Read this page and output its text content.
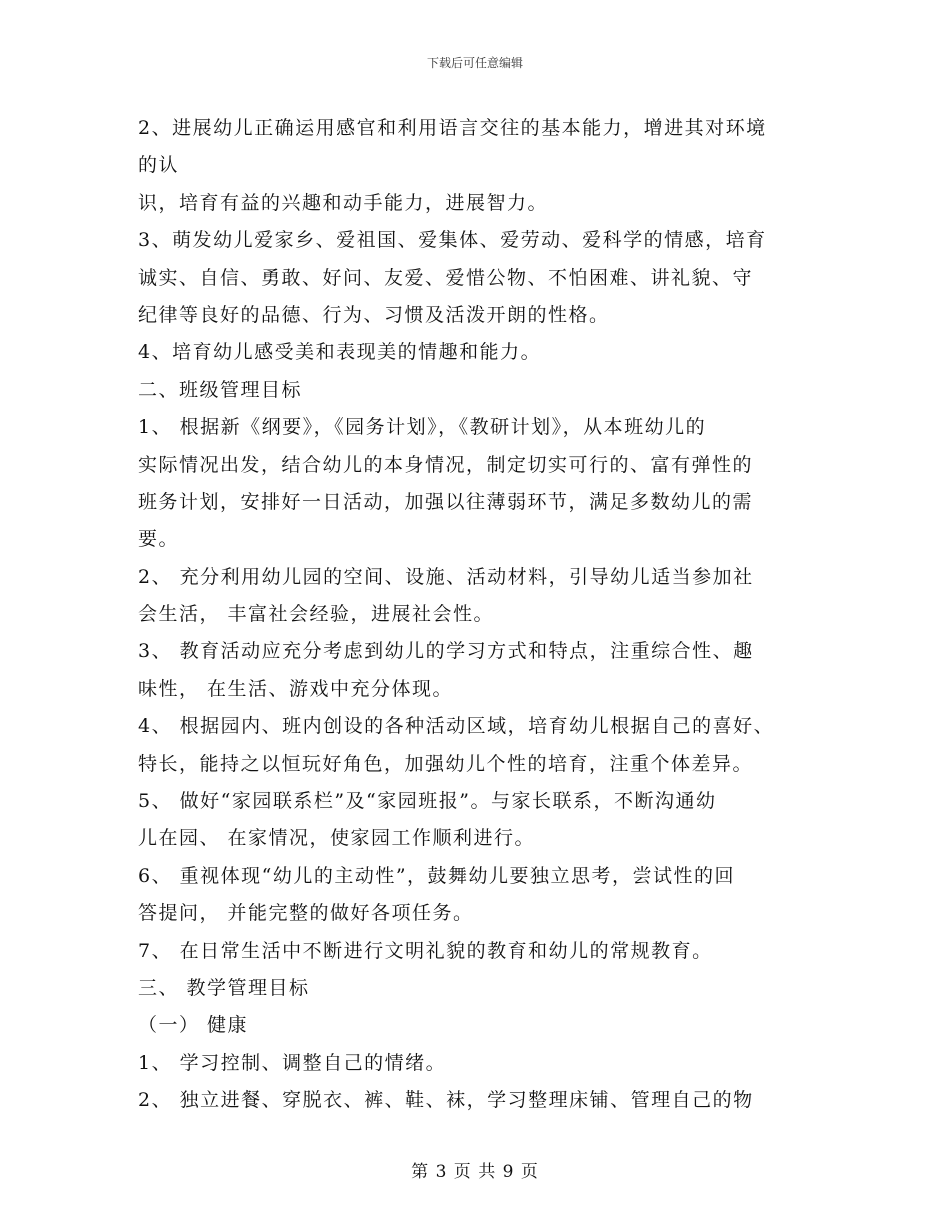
下载后可任意编辑
2、进展幼儿正确运用感官和利用语言交往的基本能力，增进其对环境
的认
识，培育有益的兴趣和动手能力，进展智力。
3、萌发幼儿爱家乡、爱祖国、爱集体、爱劳动、爱科学的情感，培育
诚实、自信、勇敢、好问、友爱、爱惜公物、不怕困难、讲礼貌、守
纪律等良好的品德、行为、习惯及活泼开朗的性格。
4、培育幼儿感受美和表现美的情趣和能力。
二、班级管理目标
1、 根据新《纲要》，《园务计划》，《教研计划》，从本班幼儿的
实际情况出发，结合幼儿的本身情况，制定切实可行的、富有弹性的
班务计划，安排好一日活动，加强以往薄弱环节，满足多数幼儿的需
要。
2、 充分利用幼儿园的空间、设施、活动材料，引导幼儿适当参加社
会生活， 丰富社会经验，进展社会性。
3、 教育活动应充分考虑到幼儿的学习方式和特点，注重综合性、趣
味性， 在生活、游戏中充分体现。
4、 根据园内、班内创设的各种活动区域，培育幼儿根据自己的喜好、
特长，能持之以恒玩好角色，加强幼儿个性的培育，注重个体差异。
5、 做好“家园联系栏”及“家园班报”。与家长联系，不断沟通幼
儿在园、 在家情况，使家园工作顺利进行。
6、 重视体现“幼儿的主动性”，鼓舞幼儿要独立思考，尝试性的回
答提问， 并能完整的做好各项任务。
7、 在日常生活中不断进行文明礼貌的教育和幼儿的常规教育。
三、 教学管理目标
（一） 健康
1、 学习控制、调整自己的情绪。
2、 独立进餐、穿脱衣、裤、鞋、袜，学习整理床铺、管理自己的物
第 3 页 共 9 页
